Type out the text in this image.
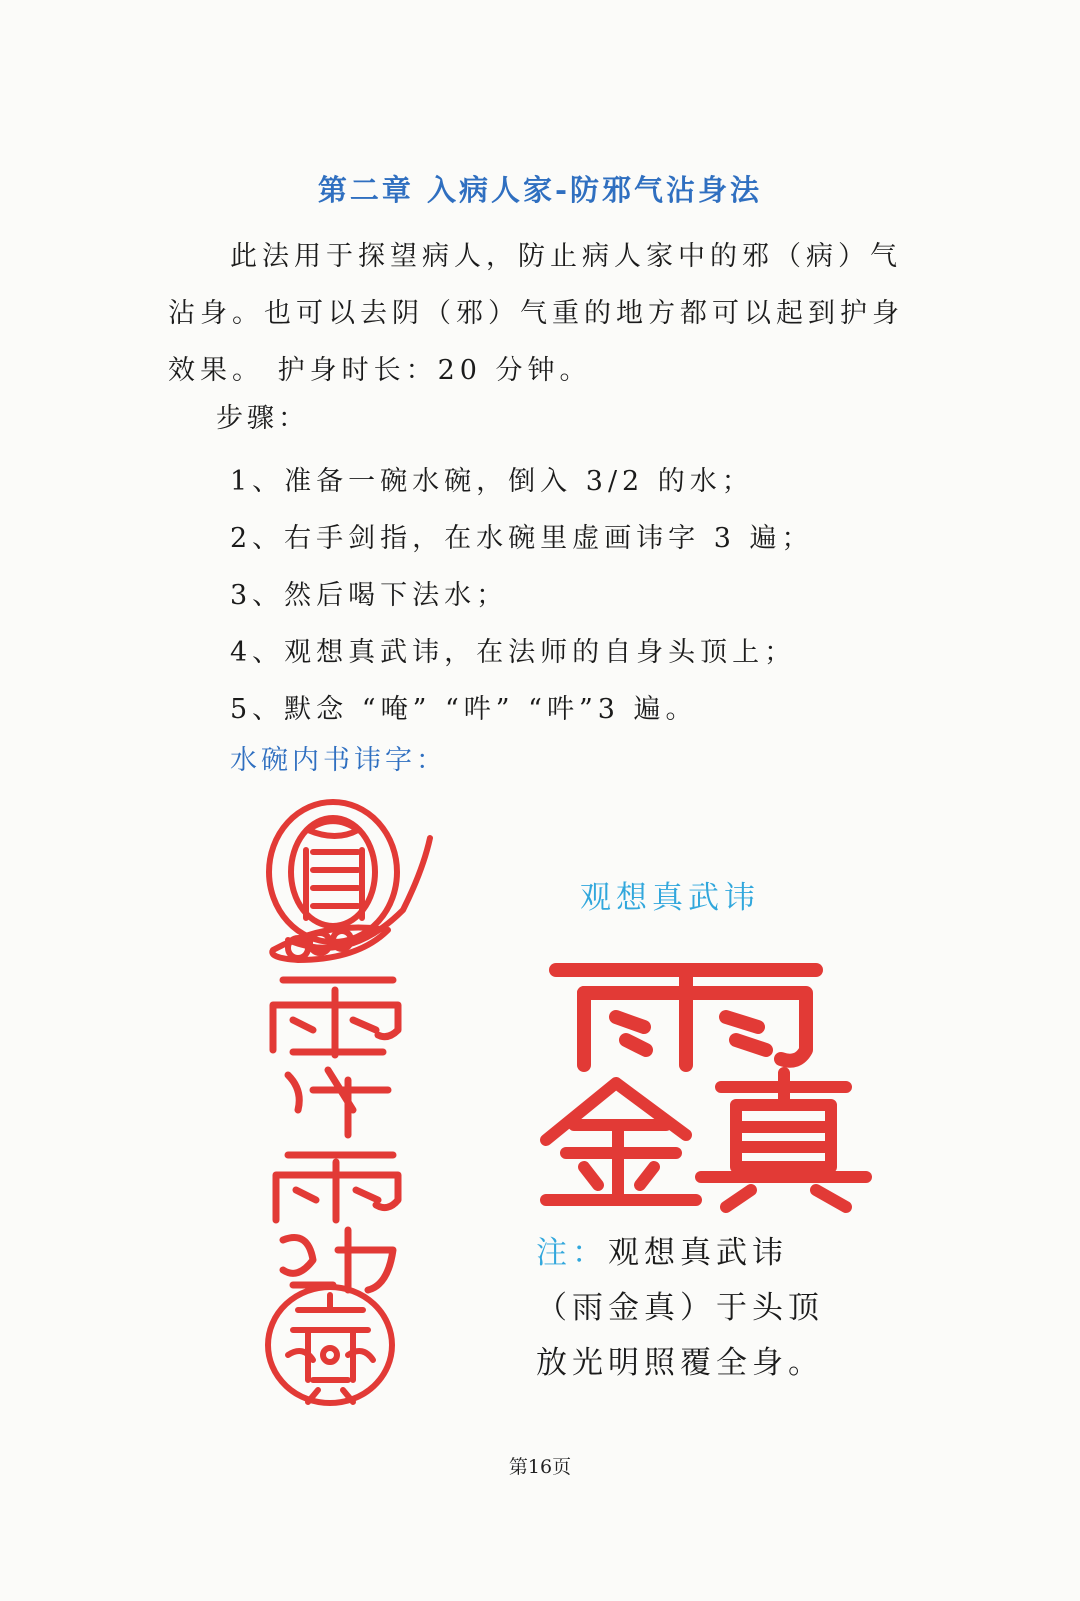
第二章 入病人家-防邪气沾身法

此法用于探望病人，防止病人家中的邪（病）气

沾身。也可以去阴（邪）气重的地方都可以起到护身

效果。 护身时长：20 分钟。

步骤：
1、准备一碗水碗，倒入 3/2 的水；
2、右手剑指，在水碗里虚画讳字 3 遍；
3、然后喝下法水；
4、观想真武讳，在法师的自身头顶上；
5、默念 “唵” “吽” “吽”3 遍。
水碗内书讳字：
观想真武讳

注：观想真武讳

（雨金真）于头顶

放光明照覆全身。

第16页
